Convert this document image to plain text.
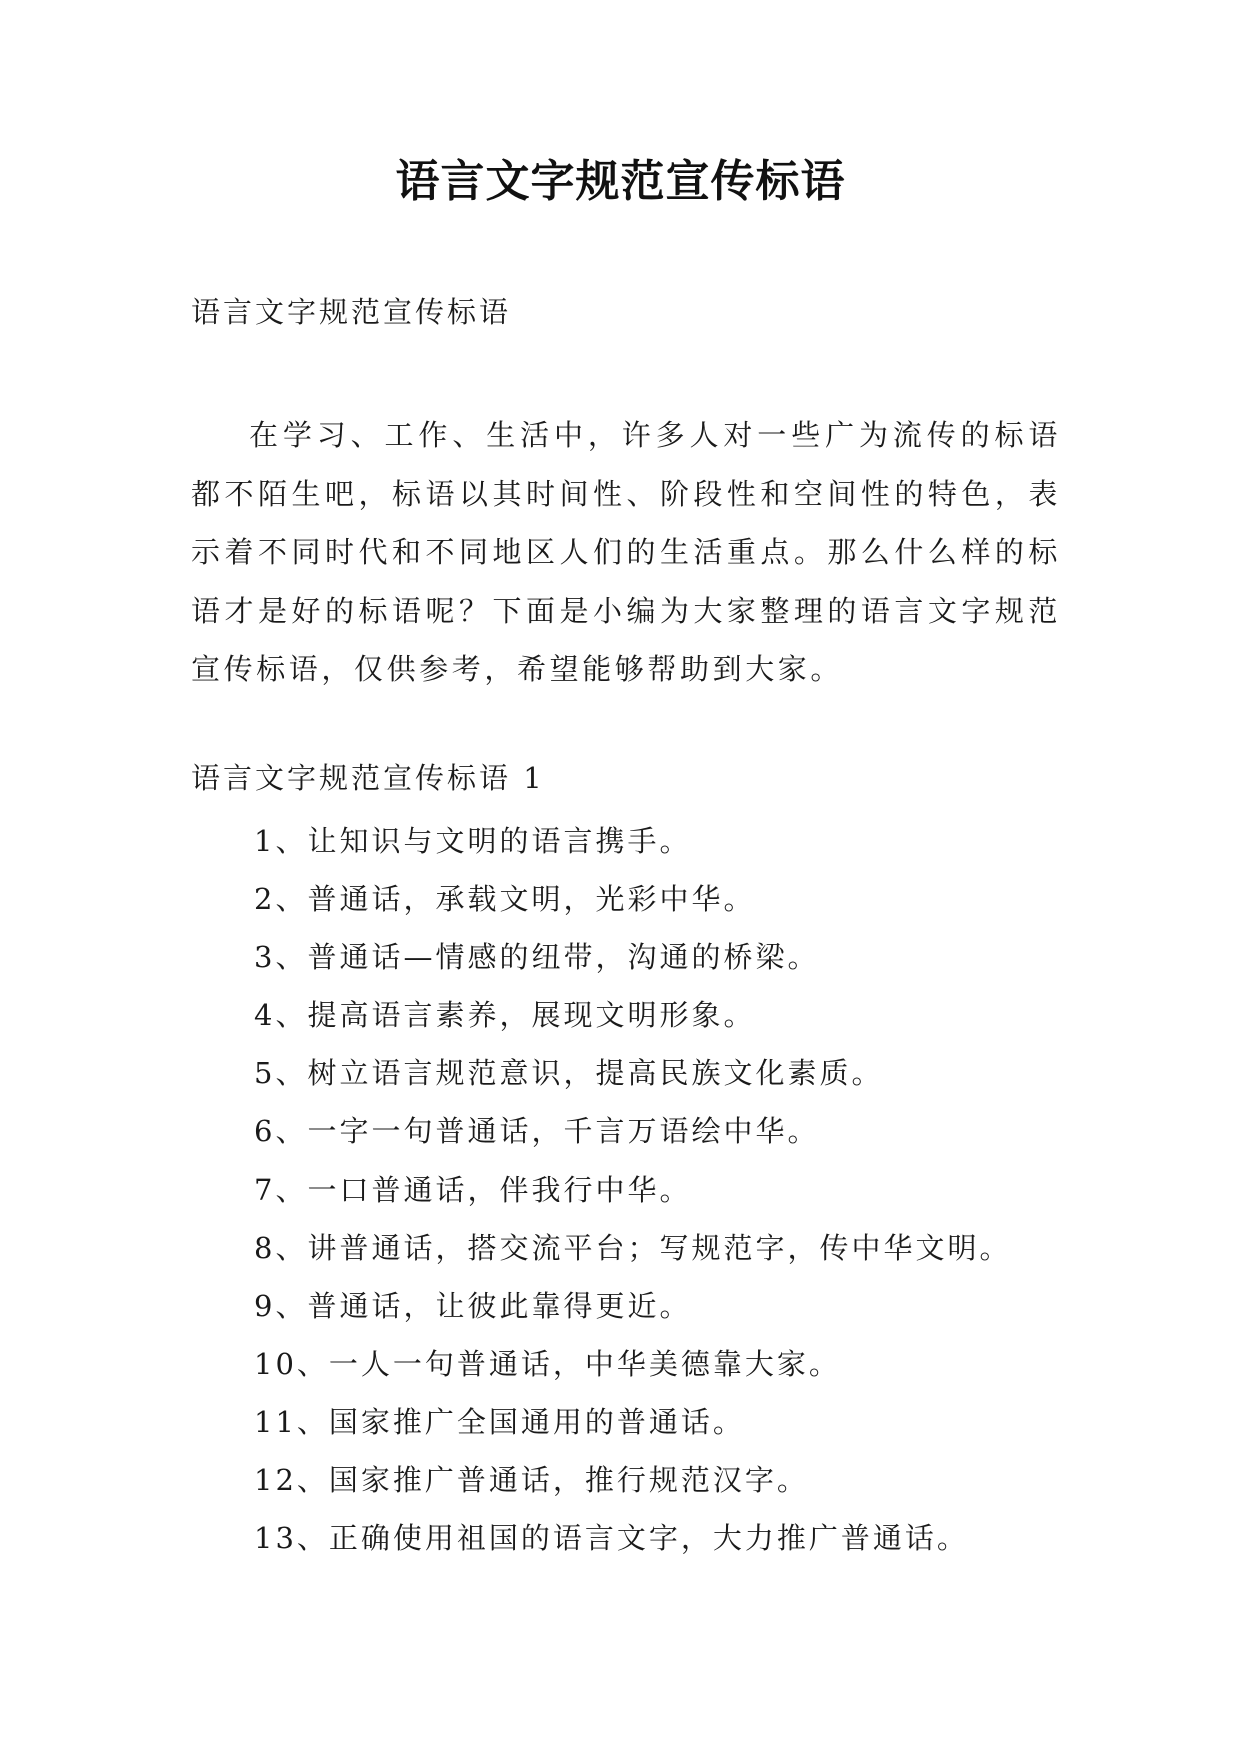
语言文字规范宣传标语
语言文字规范宣传标语
在学习、工作、生活中，许多人对一些广为流传的标语都不陌生吧，标语以其时间性、阶段性和空间性的特色，表示着不同时代和不同地区人们的生活重点。那么什么样的标语才是好的标语呢？下面是小编为大家整理的语言文字规范宣传标语，仅供参考，希望能够帮助到大家。
语言文字规范宣传标语 1
1、让知识与文明的语言携手。
2、普通话，承载文明，光彩中华。
3、普通话—情感的纽带，沟通的桥梁。
4、提高语言素养，展现文明形象。
5、树立语言规范意识，提高民族文化素质。
6、一字一句普通话，千言万语绘中华。
7、一口普通话，伴我行中华。
8、讲普通话，搭交流平台；写规范字，传中华文明。
9、普通话，让彼此靠得更近。
10、一人一句普通话，中华美德靠大家。
11、国家推广全国通用的普通话。
12、国家推广普通话，推行规范汉字。
13、正确使用祖国的语言文字，大力推广普通话。
